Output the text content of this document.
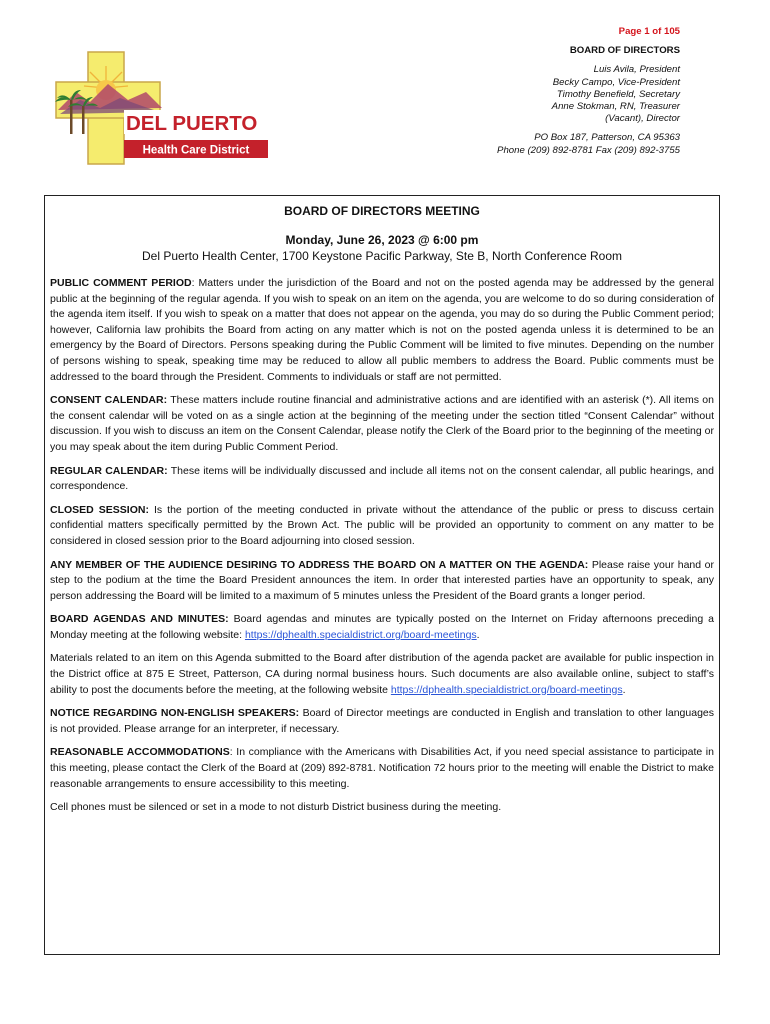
DEL PUERTO
Health Care District
Page 1 of 105
BOARD OF DIRECTORS
Luis Avila, President
Becky Campo, Vice-President
Timothy Benefield, Secretary
Anne Stokman, RN, Treasurer
(Vacant), Director
PO Box 187, Patterson, CA 95363
Phone (209) 892-8781 Fax (209) 892-3755
BOARD OF DIRECTORS MEETING
Monday, June 26, 2023 @ 6:00 pm
Del Puerto Health Center, 1700 Keystone Pacific Parkway, Ste B, North Conference Room

PUBLIC COMMENT PERIOD: Matters under the jurisdiction of the Board and not on the posted agenda may be addressed by the general public at the beginning of the regular agenda. If you wish to speak on an item on the agenda, you are welcome to do so during consideration of the agenda item itself. If you wish to speak on a matter that does not appear on the agenda, you may do so during the Public Comment period; however, California law prohibits the Board from acting on any matter which is not on the posted agenda unless it is determined to be an emergency by the Board of Directors. Persons speaking during the Public Comment will be limited to five minutes. Depending on the number of persons wishing to speak, speaking time may be reduced to allow all public members to address the Board. Public comments must be addressed to the board through the President. Comments to individuals or staff are not permitted.

CONSENT CALENDAR: These matters include routine financial and administrative actions and are identified with an asterisk (*). All items on the consent calendar will be voted on as a single action at the beginning of the meeting under the section titled “Consent Calendar” without discussion. If you wish to discuss an item on the Consent Calendar, please notify the Clerk of the Board prior to the beginning of the meeting or you may speak about the item during Public Comment Period.

REGULAR CALENDAR: These items will be individually discussed and include all items not on the consent calendar, all public hearings, and correspondence.

CLOSED SESSION: Is the portion of the meeting conducted in private without the attendance of the public or press to discuss certain confidential matters specifically permitted by the Brown Act. The public will be provided an opportunity to comment on any matter to be considered in closed session prior to the Board adjourning into closed session.

ANY MEMBER OF THE AUDIENCE DESIRING TO ADDRESS THE BOARD ON A MATTER ON THE AGENDA: Please raise your hand or step to the podium at the time the Board President announces the item. In order that interested parties have an opportunity to speak, any person addressing the Board will be limited to a maximum of 5 minutes unless the President of the Board grants a longer period.

BOARD AGENDAS AND MINUTES: Board agendas and minutes are typically posted on the Internet on Friday afternoons preceding a Monday meeting at the following website: https://dphealth.specialdistrict.org/board-meetings.

Materials related to an item on this Agenda submitted to the Board after distribution of the agenda packet are available for public inspection in the District office at 875 E Street, Patterson, CA during normal business hours. Such documents are also available online, subject to staff’s ability to post the documents before the meeting, at the following website https://dphealth.specialdistrict.org/board-meetings.

NOTICE REGARDING NON-ENGLISH SPEAKERS: Board of Director meetings are conducted in English and translation to other languages is not provided. Please arrange for an interpreter, if necessary.

REASONABLE ACCOMMODATIONS: In compliance with the Americans with Disabilities Act, if you need special assistance to participate in this meeting, please contact the Clerk of the Board at (209) 892-8781. Notification 72 hours prior to the meeting will enable the District to make reasonable arrangements to ensure accessibility to this meeting.

Cell phones must be silenced or set in a mode to not disturb District business during the meeting.
